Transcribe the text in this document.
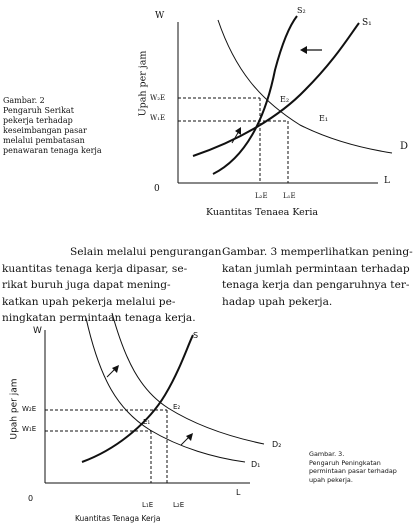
Gambar. 2
Pengaruh Serikat
pekerja terhadap
keseimbangan pasar
melalui pembatasan
penawaran tenaga kerja
W
Upah per jam
0
L
Kuantitas Tenaea Keria
S₂
S₁
D
E₂
E₁
W₂E
W₁E
L₂E L₁E
Selain melalui pengurangan
kuantitas tenaga kerja dipasar, se-
rikat buruh juga dapat mening-
katkan upah pekerja melalui pe-
ningkatan permintaan tenaga kerja.
Gambar. 3 memperlihatkan pening-
katan jumlah permintaan terhadap
tenaga kerja dan pengaruhnya ter-
hadap upah pekerja.
W
Upah per jam
0
L
Kuantitas Tenaga Kerja
S
D₂
D₁
E₁
E₂
W₂E
W₁E
L₁E	L₂E
Gambar. 3.
Pengaruh Peningkatan
permintaan pasar terhadap
upah pekerja.
